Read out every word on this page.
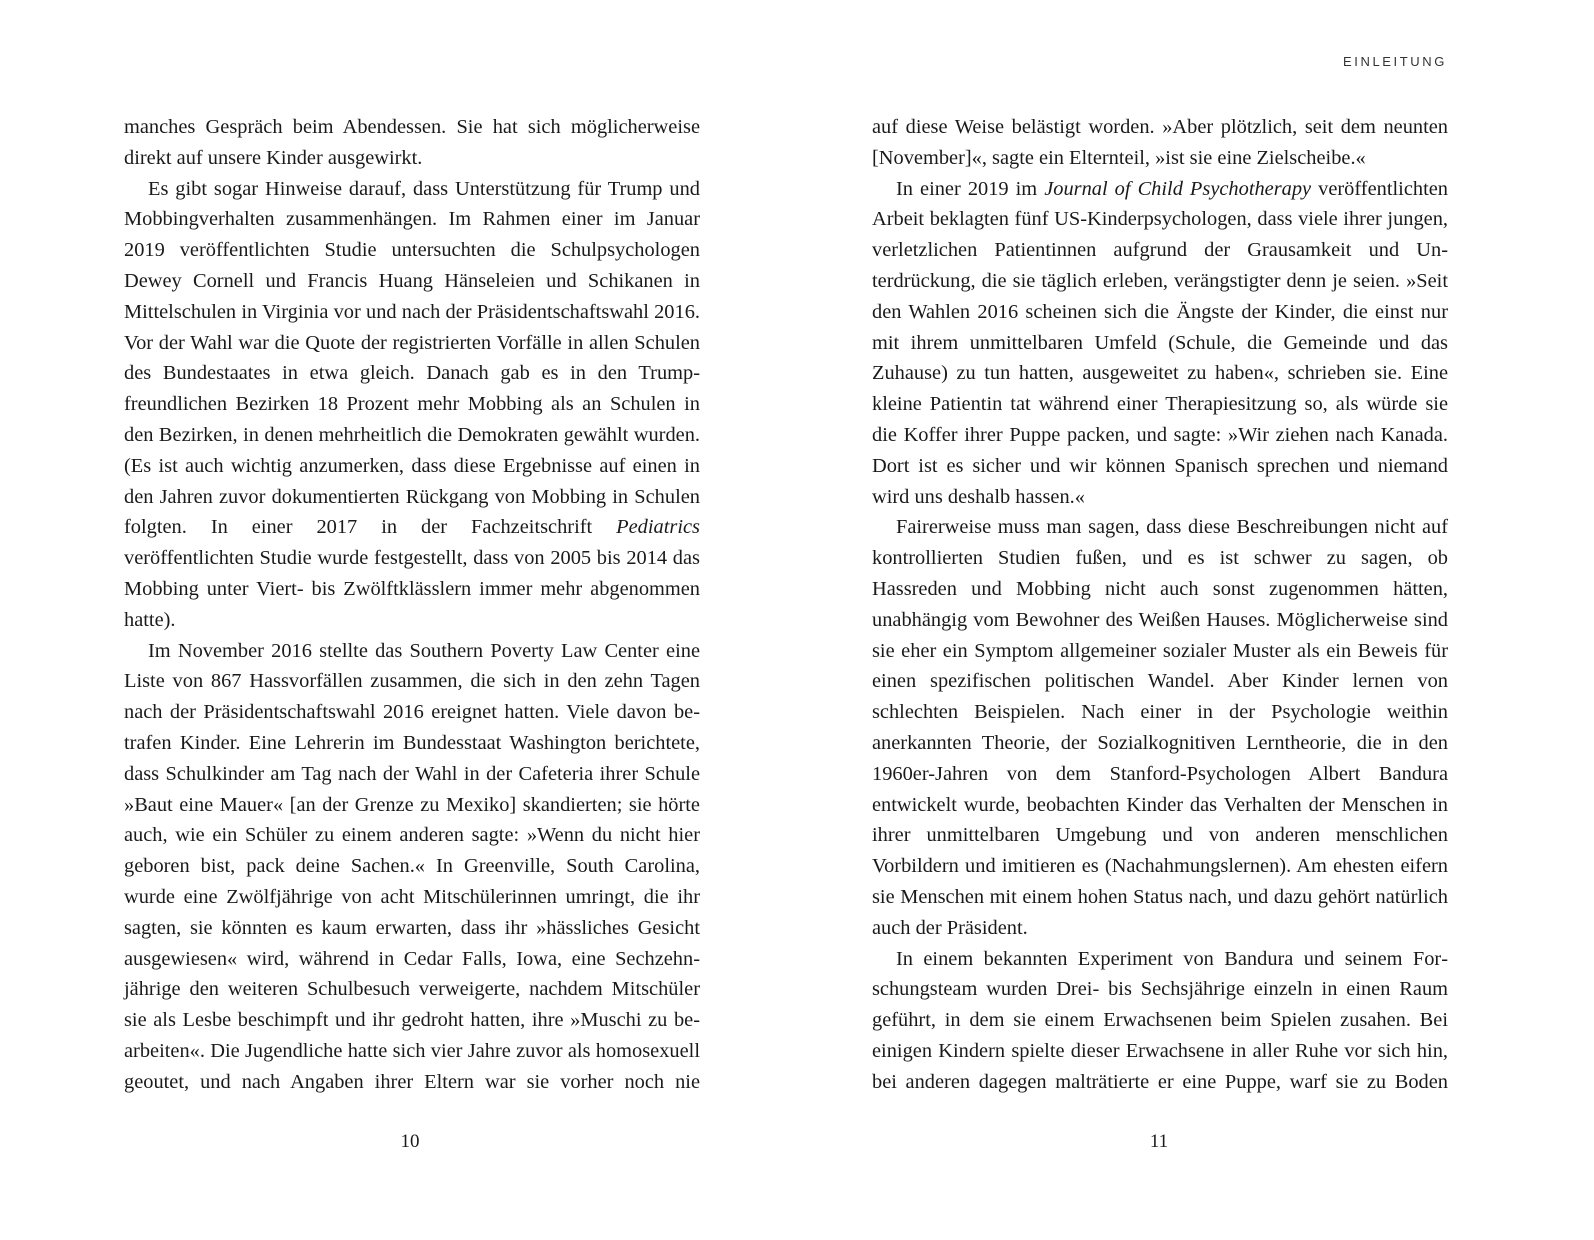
manches Gespräch beim Abendessen. Sie hat sich möglicherweise direkt auf unsere Kinder ausgewirkt.

Es gibt sogar Hinweise darauf, dass Unterstützung für Trump und Mobbingverhalten zusammenhängen. Im Rahmen einer im Januar 2019 veröffentlichten Studie untersuchten die Schulpsychologen Dewey Cornell und Francis Huang Hänseleien und Schikanen in Mittelschulen in Virginia vor und nach der Präsidentschaftswahl 2016. Vor der Wahl war die Quote der registrierten Vorfälle in allen Schulen des Bundestaates in etwa gleich. Danach gab es in den Trump-freundlichen Bezirken 18 Prozent mehr Mobbing als an Schulen in den Bezirken, in denen mehrheitlich die Demokraten gewählt wurden. (Es ist auch wichtig anzumerken, dass diese Ergebnisse auf einen in den Jahren zuvor dokumentierten Rückgang von Mobbing in Schulen folgten. In einer 2017 in der Fachzeitschrift Pediatrics veröffentlichten Studie wurde festgestellt, dass von 2005 bis 2014 das Mobbing unter Viert- bis Zwölftklässlern immer mehr abgenommen hatte).

Im November 2016 stellte das Southern Poverty Law Center eine Liste von 867 Hassvorfällen zusammen, die sich in den zehn Tagen nach der Präsidentschaftswahl 2016 ereignet hatten. Viele davon betrafen Kinder. Eine Lehrerin im Bundesstaat Washington berichtete, dass Schulkinder am Tag nach der Wahl in der Cafeteria ihrer Schule »Baut eine Mauer« [an der Grenze zu Mexiko] skandierten; sie hörte auch, wie ein Schüler zu einem anderen sagte: »Wenn du nicht hier geboren bist, pack deine Sachen.« In Greenville, South Carolina, wurde eine Zwölfjährige von acht Mitschülerinnen umringt, die ihr sagten, sie könnten es kaum erwarten, dass ihr »hässliches Gesicht ausgewiesen« wird, während in Cedar Falls, Iowa, eine Sechzehnjährige den weiteren Schulbesuch verweigerte, nachdem Mitschüler sie als Lesbe beschimpft und ihr gedroht hatten, ihre »Muschi zu bearbeiten«. Die Jugendliche hatte sich vier Jahre zuvor als homosexuell geoutet, und nach Angaben ihrer Eltern war sie vorher noch nie

10
EINLEITUNG

auf diese Weise belästigt worden. »Aber plötzlich, seit dem neunten [November]«, sagte ein Elternteil, »ist sie eine Zielscheibe.«

In einer 2019 im Journal of Child Psychotherapy veröffentlichten Arbeit beklagten fünf US-Kinderpsychologen, dass viele ihrer jungen, verletzlichen Patientinnen aufgrund der Grausamkeit und Unterdrückung, die sie täglich erleben, verängstigter denn je seien. »Seit den Wahlen 2016 scheinen sich die Ängste der Kinder, die einst nur mit ihrem unmittelbaren Umfeld (Schule, die Gemeinde und das Zuhause) zu tun hatten, ausgeweitet zu haben«, schrieben sie. Eine kleine Patientin tat während einer Therapiesitzung so, als würde sie die Koffer ihrer Puppe packen, und sagte: »Wir ziehen nach Kanada. Dort ist es sicher und wir können Spanisch sprechen und niemand wird uns deshalb hassen.«

Fairerweise muss man sagen, dass diese Beschreibungen nicht auf kontrollierten Studien fußen, und es ist schwer zu sagen, ob Hassreden und Mobbing nicht auch sonst zugenommen hätten, unabhängig vom Bewohner des Weißen Hauses. Möglicherweise sind sie eher ein Symptom allgemeiner sozialer Muster als ein Beweis für einen spezifischen politischen Wandel. Aber Kinder lernen von schlechten Beispielen. Nach einer in der Psychologie weithin anerkannten Theorie, der Sozialkognitiven Lerntheorie, die in den 1960er-Jahren von dem Stanford-Psychologen Albert Bandura entwickelt wurde, beobachten Kinder das Verhalten der Menschen in ihrer unmittelbaren Umgebung und von anderen menschlichen Vorbildern und imitieren es (Nachahmungslernen). Am ehesten eifern sie Menschen mit einem hohen Status nach, und dazu gehört natürlich auch der Präsident.

In einem bekannten Experiment von Bandura und seinem Forschungsteam wurden Drei- bis Sechsjährige einzeln in einen Raum geführt, in dem sie einem Erwachsenen beim Spielen zusahen. Bei einigen Kindern spielte dieser Erwachsene in aller Ruhe vor sich hin, bei anderen dagegen malträtierte er eine Puppe, warf sie zu Boden

11
